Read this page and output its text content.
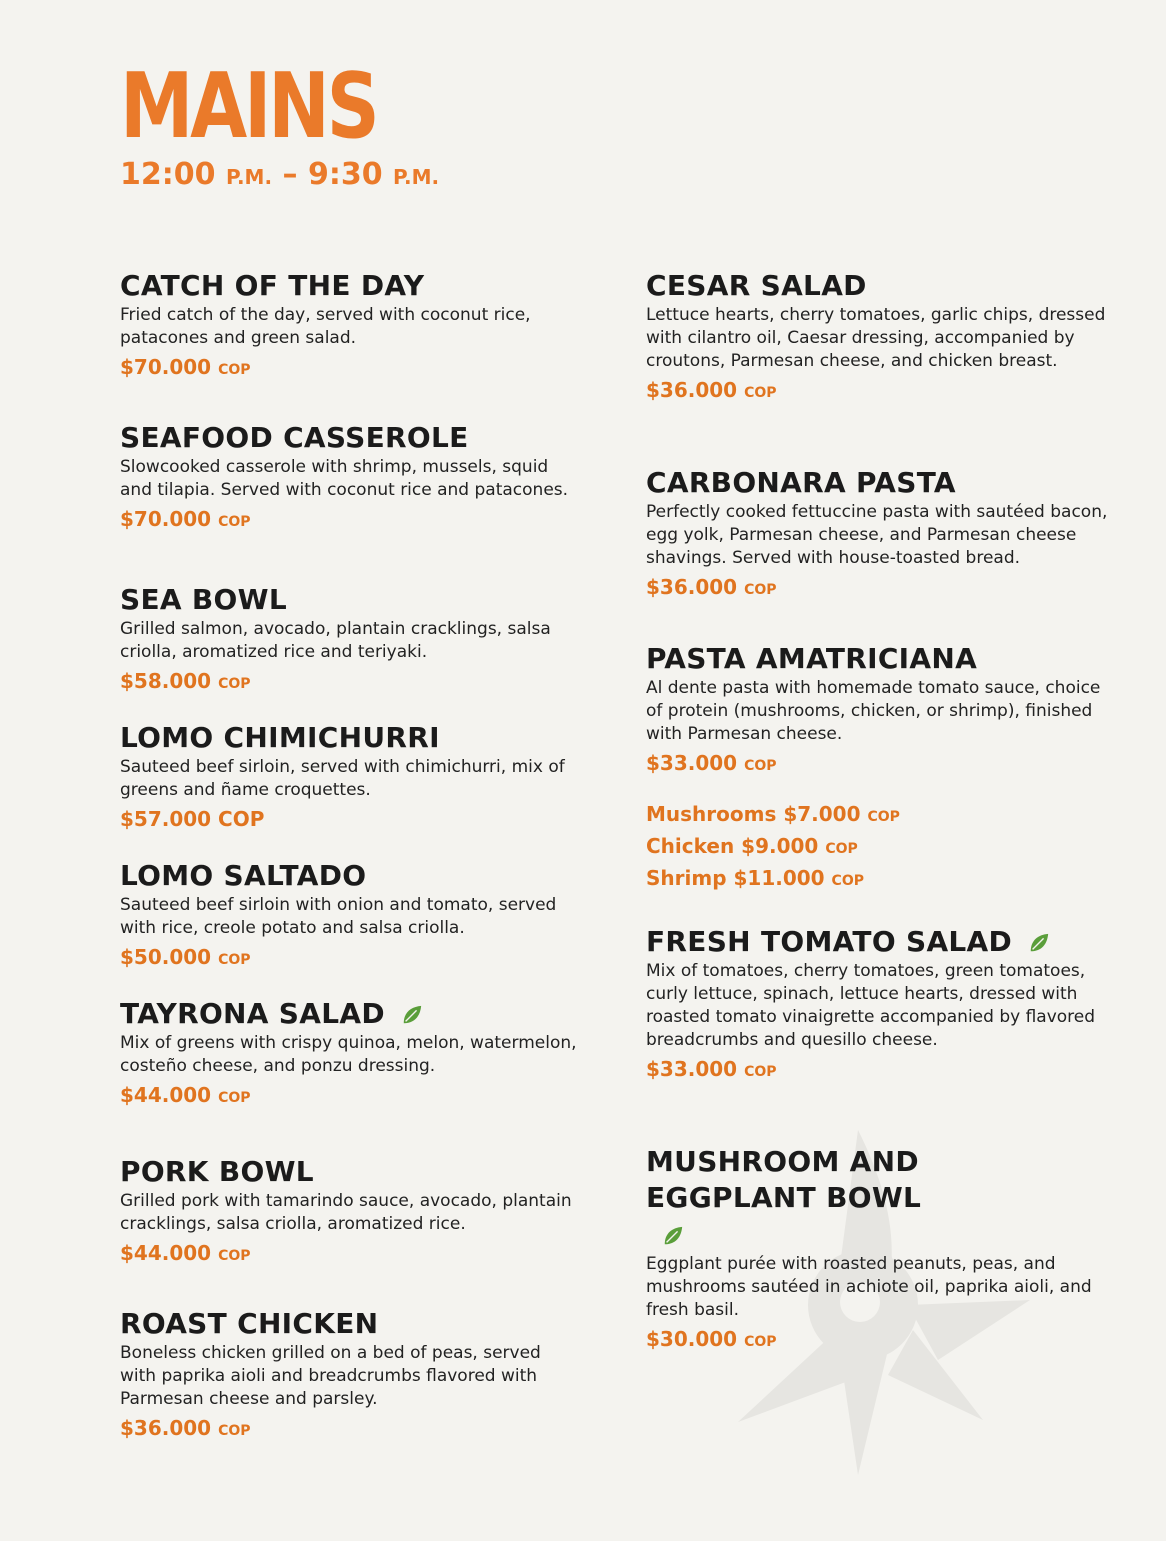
MAINS
12:00 P.M. – 9:30 P.M.
CATCH OF THE DAY

Fried catch of the day, served with coconut rice, patacones and green salad.

$70.000 COP
SEAFOOD CASSEROLE

Slowcooked casserole with shrimp, mussels, squid and tilapia. Served with coconut rice and patacones.

$70.000 COP
SEA BOWL

Grilled salmon, avocado, plantain cracklings, salsa criolla, aromatized rice and teriyaki.

$58.000 COP
LOMO CHIMICHURRI

Sauteed beef sirloin, served with chimichurri, mix of greens and ñame croquettes.

$57.000 COP
LOMO SALTADO

Sauteed beef sirloin with onion and tomato, served with rice, creole potato and salsa criolla.

$50.000 COP
TAYRONA SALAD

Mix of greens with crispy quinoa, melon, watermelon, costeño cheese, and ponzu dressing.

$44.000 COP
PORK BOWL

Grilled pork with tamarindo sauce, avocado, plantain cracklings, salsa criolla, aromatized rice.

$44.000 COP
ROAST CHICKEN

Boneless chicken grilled on a bed of peas, served with paprika aioli and breadcrumbs flavored with Parmesan cheese and parsley.

$36.000 COP
CESAR SALAD

Lettuce hearts, cherry tomatoes, garlic chips, dressed with cilantro oil, Caesar dressing, accompanied by croutons, Parmesan cheese, and chicken breast.

$36.000 COP
CARBONARA PASTA

Perfectly cooked fettuccine pasta with sautéed bacon, egg yolk, Parmesan cheese, and Parmesan cheese shavings. Served with house-toasted bread.

$36.000 COP
PASTA AMATRICIANA

Al dente pasta with homemade tomato sauce, choice of protein (mushrooms, chicken, or shrimp), finished with Parmesan cheese.

$33.000 COP
Mushrooms $7.000 COP
Chicken $9.000 COP
Shrimp $11.000 COP
FRESH TOMATO SALAD

Mix of tomatoes, cherry tomatoes, green tomatoes, curly lettuce, spinach, lettuce hearts, dressed with roasted tomato vinaigrette accompanied by flavored breadcrumbs and quesillo cheese.

$33.000 COP
MUSHROOM AND EGGPLANT BOWL

Eggplant purée with roasted peanuts, peas, and mushrooms sautéed in achiote oil, paprika aioli, and fresh basil.

$30.000 COP
